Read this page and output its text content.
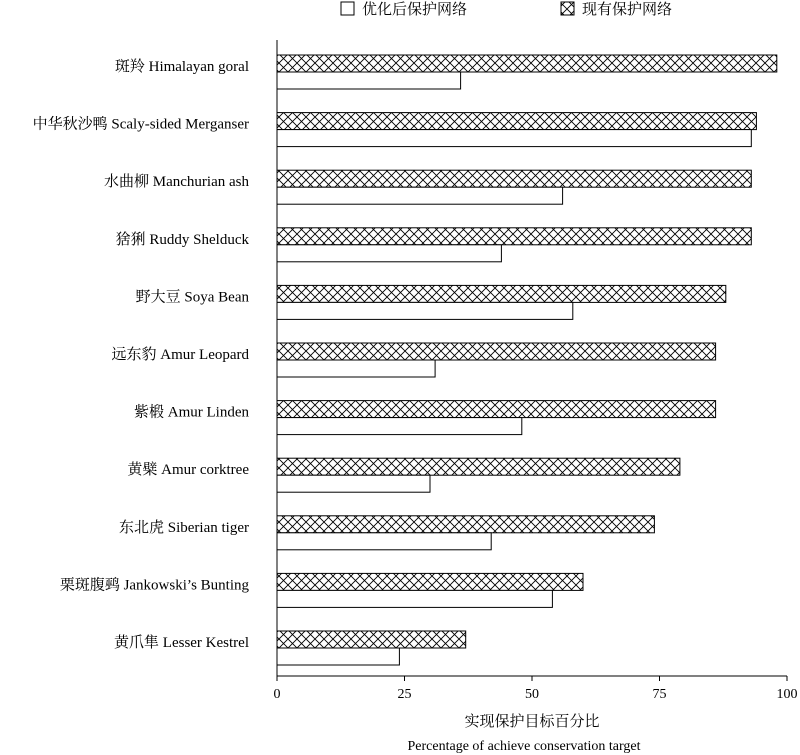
优化后保护网络	现有保护网络
0	25	50	75	100
斑羚 Himalayan goral
中华秋沙鸭 Scaly-sided Merganser
水曲柳 Manchurian ash
猞猁 Ruddy Shelduck
野大豆 Soya Bean
远东豹 Amur Leopard
紫椴 Amur Linden
黄檗 Amur corktree
东北虎 Siberian tiger
栗斑腹鹀 Jankowski’s Bunting
黄爪隼 Lesser Kestrel
实现保护目标百分比
Percentage of achieve conservation target
